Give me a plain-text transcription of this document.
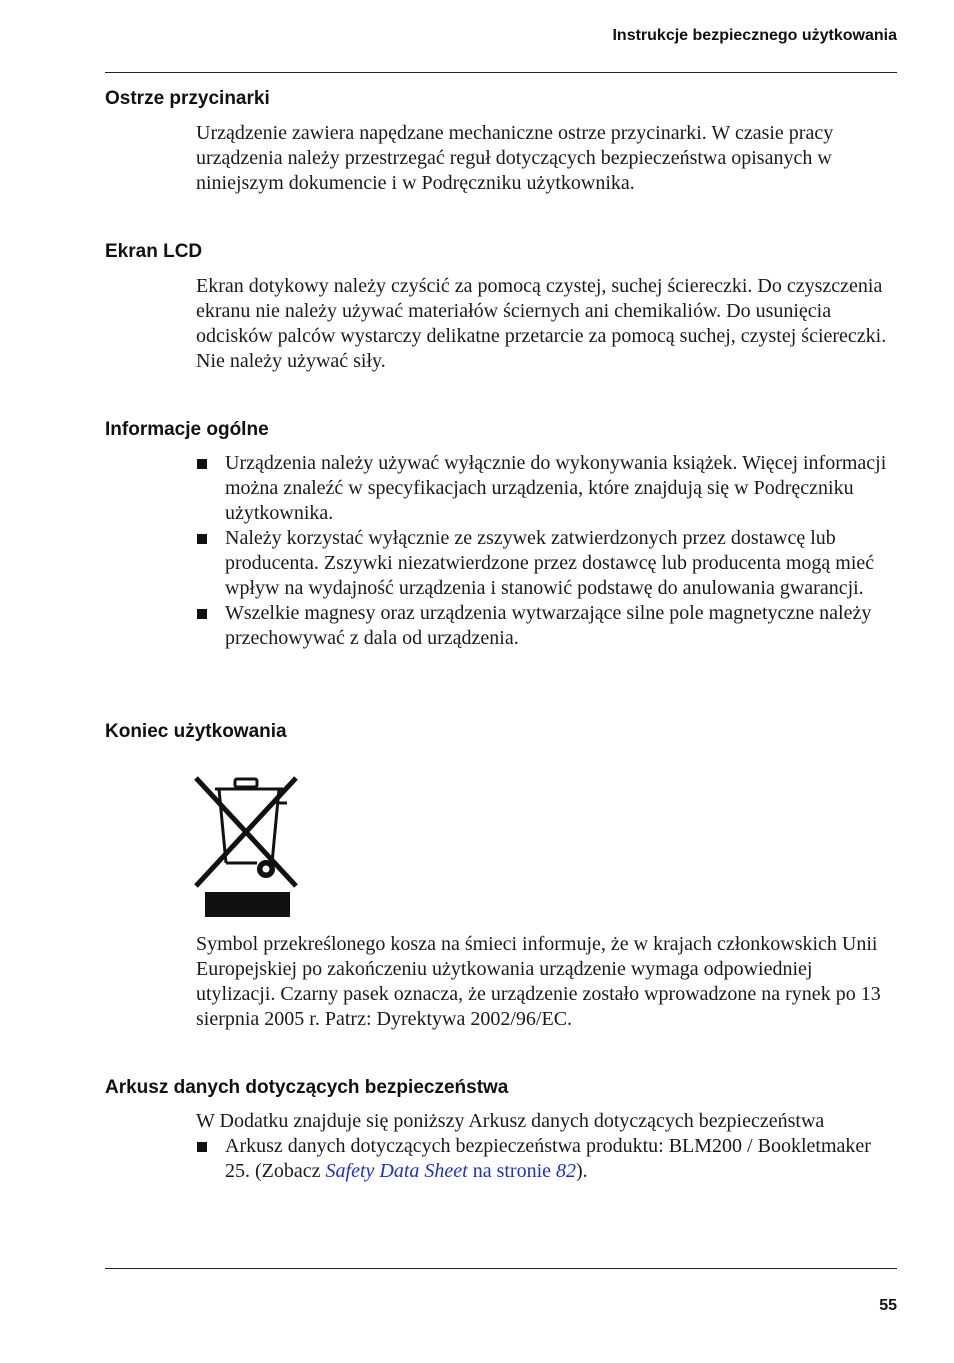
Instrukcje bezpiecznego użytkowania
Ostrze przycinarki

Urządzenie zawiera napędzane mechaniczne ostrze przycinarki. W czasie pracy urządzenia należy przestrzegać reguł dotyczących bezpieczeństwa opisanych w niniejszym dokumencie i w Podręczniku użytkownika.

Ekran LCD

Ekran dotykowy należy czyścić za pomocą czystej, suchej ściereczki. Do czyszczenia ekranu nie należy używać materiałów ściernych ani chemikaliów. Do usunięcia odcisków palców wystarczy delikatne przetarcie za pomocą suchej, czystej ściereczki. Nie należy używać siły.

Informacje ogólne
Urządzenia należy używać wyłącznie do wykonywania książek. Więcej informacji można znaleźć w specyfikacjach urządzenia, które znajdują się w Podręczniku użytkownika.
Należy korzystać wyłącznie ze zszywek zatwierdzonych przez dostawcę lub producenta. Zszywki niezatwierdzone przez dostawcę lub producenta mogą mieć wpływ na wydajność urządzenia i stanowić podstawę do anulowania gwarancji.
Wszelkie magnesy oraz urządzenia wytwarzające silne pole magnetyczne należy przechowywać z dala od urządzenia.
Koniec użytkowania

Symbol przekreślonego kosza na śmieci informuje, że w krajach członkowskich Unii Europejskiej po zakończeniu użytkowania urządzenie wymaga odpowiedniej utylizacji. Czarny pasek oznacza, że urządzenie zostało wprowadzone na rynek po 13 sierpnia 2005 r. Patrz: Dyrektywa 2002/96/EC.

Arkusz danych dotyczących bezpieczeństwa

W Dodatku znajduje się poniższy Arkusz danych dotyczących bezpieczeństwa

Arkusz danych dotyczących bezpieczeństwa produktu: BLM200 / Bookletmaker 25. (Zobacz Safety Data Sheet na stronie 82).
55
